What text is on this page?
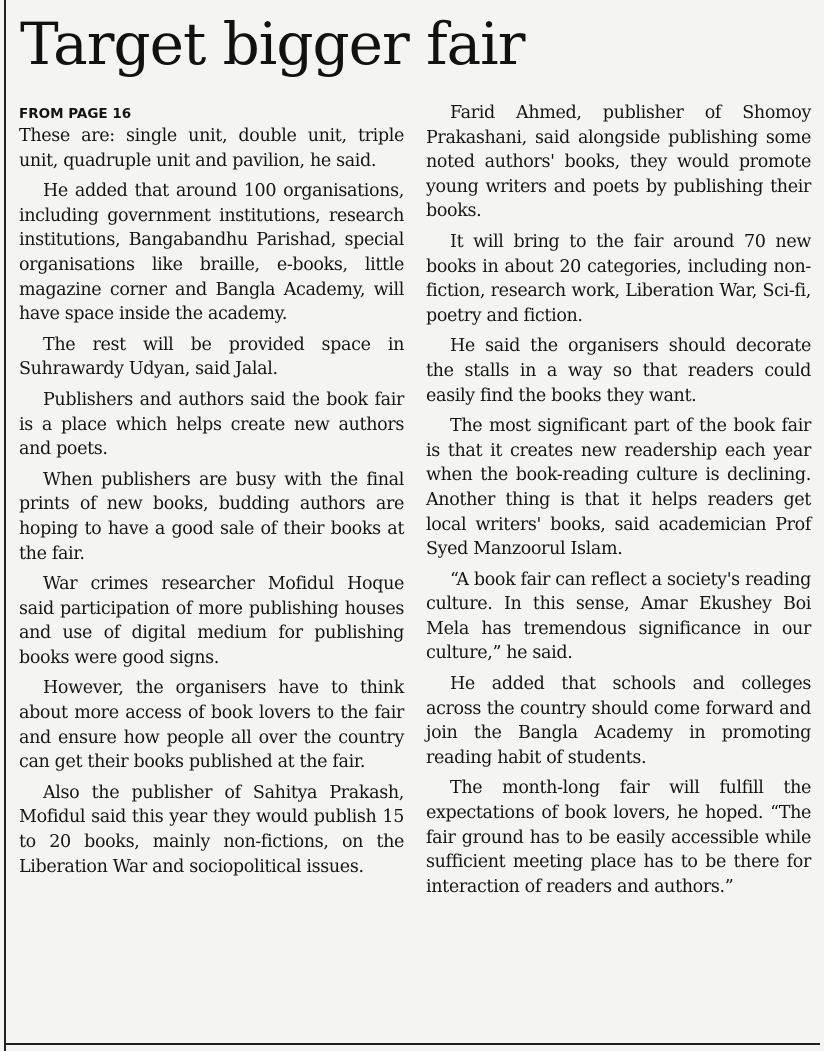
Target bigger fair
FROM PAGE 16

These are: single unit, double unit, triple unit, quadruple unit and pavilion, he said.

He added that around 100 organisations, including government institutions, research institutions, Bangabandhu Parishad, special organisations like braille, e-books, little magazine corner and Bangla Academy, will have space inside the academy.

The rest will be provided space in Suhrawardy Udyan, said Jalal.

Publishers and authors said the book fair is a place which helps create new authors and poets.

When publishers are busy with the final prints of new books, budding authors are hoping to have a good sale of their books at the fair.

War crimes researcher Mofidul Hoque said participation of more publishing houses and use of digital medium for publishing books were good signs.

However, the organisers have to think about more access of book lovers to the fair and ensure how people all over the country can get their books published at the fair.

Also the publisher of Sahitya Prakash, Mofidul said this year they would publish 15 to 20 books, mainly non-fictions, on the Liberation War and sociopolitical issues.

Farid Ahmed, publisher of Shomoy Prakashani, said alongside publishing some noted authors' books, they would promote young writers and poets by publishing their books.

It will bring to the fair around 70 new books in about 20 categories, including non-fiction, research work, Liberation War, Sci-fi, poetry and fiction.

He said the organisers should decorate the stalls in a way so that readers could easily find the books they want.

The most significant part of the book fair is that it creates new readership each year when the book-reading culture is declining. Another thing is that it helps readers get local writers' books, said academician Prof Syed Manzoorul Islam.

“A book fair can reflect a society's reading culture. In this sense, Amar Ekushey Boi Mela has tremendous significance in our culture,” he said.

He added that schools and colleges across the country should come forward and join the Bangla Academy in promoting reading habit of students.

The month-long fair will fulfill the expectations of book lovers, he hoped. “The fair ground has to be easily accessible while sufficient meeting place has to be there for interaction of readers and authors.”
